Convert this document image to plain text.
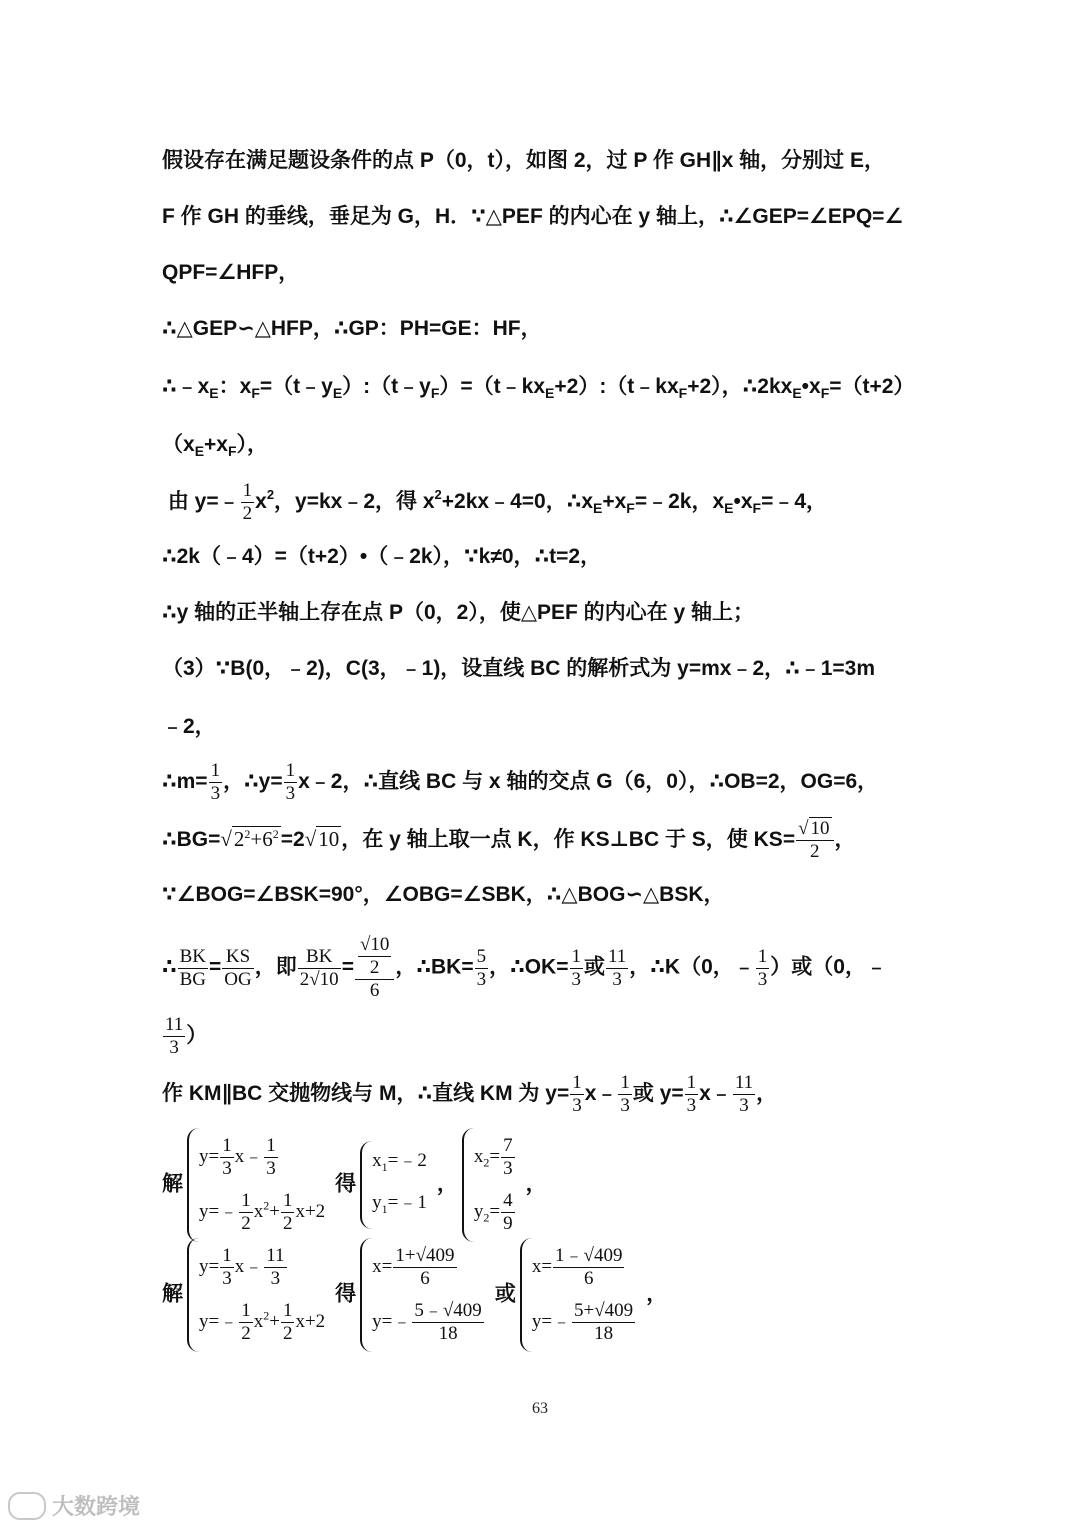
假设存在满足题设条件的点 P（0，t），如图 2，过 P 作 GH∥x 轴，分别过 E，
F 作 GH 的垂线，垂足为 G，H．∵△PEF 的内心在 y 轴上，∴∠GEP=∠EPQ=∠
QPF=∠HFP，
∴△GEP∽△HFP，∴GP：PH=GE：HF，
$\therefore﹣x_E$：$x_F=(t﹣y_E):(t﹣y_F)=(t﹣kx_E+2):(t﹣kx_F+2)$，$\therefore 2kx_E•x_F=(t+2)$
$(x_E+x_F)$，
由 y=﹣ $\frac{1}{2} x^2$，y=kx﹣2，得 $x^2+2kx﹣4=0$，$\therefore x_E+x_F=﹣2k$，$x_E•x_F=﹣4$，
∴2k（﹣4）=（t+2）•（﹣2k），∵k≠0，∴t=2，
∴y 轴的正半轴上存在点 P（0，2），使△PEF 的内心在 y 轴上；
（3）∵B(0，﹣2)，C(3，﹣1)，设直线 BC 的解析式为 y=mx﹣2，∴﹣1=3m
﹣2，
∴m= $\frac{1}{3}$ ，∴y= $\frac{1}{3}$ x﹣2，∴直线 BC 与 x 轴的交点 G（6，0），∴OB=2，OG=6，
$\therefore BG=√2^2+6^2=2√10$，在 y 轴上取一点 K，作 KS⊥BC 于 S，使 $KS= \frac{√ 10}{2}$ ，
∵∠BOG=∠BSK=90°，∠OBG=∠SBK，∴△BOG∽△BSK，
∴ $\frac{BK}{BG} = \frac{KS}{OG}$ ，即 $\frac{BK}{2√10} = \frac{\frac{√10}{2}}{6}$ ，∴BK= $\frac{5}{3}$ ，∴OK= $\frac{1}{3}$ 或 $\frac{11}{3}$ ，∴K（0，﹣ $\frac{1}{3}$ ）或（0，﹣
$\frac{11}{3}$ ）
作 KM∥BC 交抛物线与 M，∴直线 KM 为 $y= \frac{1}{3}$ x﹣ $\frac{1}{3}$ 或 $y= \frac{1}{3}$ x﹣ $\frac{11}{3}$ ，
解
$y= \frac{1}{3}$ x﹣ $\frac{1}{3}$
y=﹣ $\frac{1}{2} x^2+ \frac{1}{2} x+2$
得
$x_1=﹣2$
$y_1=﹣1$
，
$x_2= \frac{7}{3}$
$y_2= \frac{4}{9}$
，
解
$y= \frac{1}{3}$ x﹣ $\frac{11}{3}$
y=﹣ $\frac{1}{2} x^2+ \frac{1}{2} x+2$
得
$x= \frac{1+√409}{6}$
y=﹣ $\frac{5﹣√409}{18}$
或
$x= \frac{1﹣√409}{6}$
y=﹣ $\frac{5+√409}{18}$
，
63
大数跨境
